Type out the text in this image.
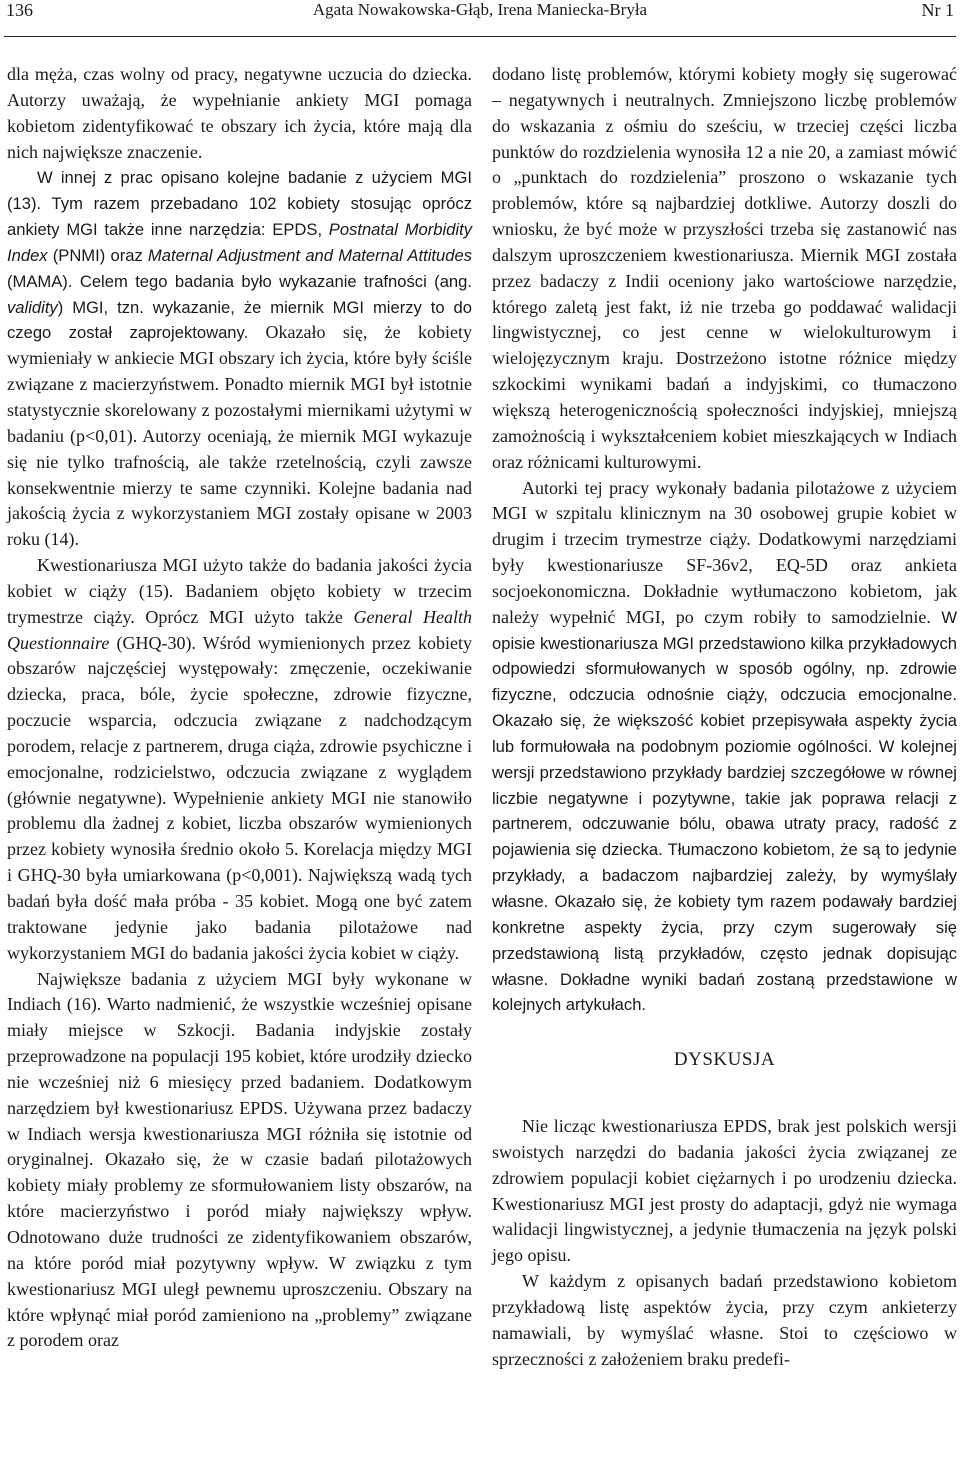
136	Agata Nowakowska-Głąb, Irena Maniecka-Bryła	Nr 1

dla męża, czas wolny od pracy, negatywne uczucia do dziecka. Autorzy uważają, że wypełnianie ankiety MGI pomaga kobietom zidentyfikować te obszary ich życia, które mają dla nich największe znaczenie.

W innej z prac opisano kolejne badanie z użyciem MGI (13). Tym razem przebadano 102 kobiety stosując oprócz ankiety MGI także inne narzędzia: EPDS, Postnatal Morbidity Index (PNMI) oraz Maternal Adjustment and Maternal Attitudes (MAMA). Celem tego badania było wykazanie trafności (ang. validity) MGI, tzn. wykazanie, że miernik MGI mierzy to do czego został zaprojektowany. Okazało się, że kobiety wymieniały w ankiecie MGI obszary ich życia, które były ściśle związane z macierzyństwem. Ponadto miernik MGI był istotnie statystycznie skorelowany z pozostałymi miernikami użytymi w badaniu (p<0,01). Autorzy oceniają, że miernik MGI wykazuje się nie tylko trafnością, ale także rzetelnością, czyli zawsze konsekwentnie mierzy te same czynniki. Kolejne badania nad jakością życia z wykorzystaniem MGI zostały opisane w 2003 roku (14).

Kwestionariusza MGI użyto także do badania jakości życia kobiet w ciąży (15). Badaniem objęto kobiety w trzecim trymestrze ciąży. Oprócz MGI użyto także General Health Questionnaire (GHQ-30). Wśród wymienionych przez kobiety obszarów najczęściej występowały: zmęczenie, oczekiwanie dziecka, praca, bóle, życie społeczne, zdrowie fizyczne, poczucie wsparcia, odczucia związane z nadchodzącym porodem, relacje z partnerem, druga ciąża, zdrowie psychiczne i emocjonalne, rodzicielstwo, odczucia związane z wyglądem (głównie negatywne). Wypełnienie ankiety MGI nie stanowiło problemu dla żadnej z kobiet, liczba obszarów wymienionych przez kobiety wynosiła średnio około 5. Korelacja między MGI i GHQ-30 była umiarkowana (p<0,001). Największą wadą tych badań była dość mała próba - 35 kobiet. Mogą one być zatem traktowane jedynie jako badania pilotażowe nad wykorzystaniem MGI do badania jakości życia kobiet w ciąży.

Największe badania z użyciem MGI były wykonane w Indiach (16). Warto nadmienić, że wszystkie wcześniej opisane miały miejsce w Szkocji. Badania indyjskie zostały przeprowadzone na populacji 195 kobiet, które urodziły dziecko nie wcześniej niż 6 miesięcy przed badaniem. Dodatkowym narzędziem był kwestionariusz EPDS. Używana przez badaczy w Indiach wersja kwestionariusza MGI różniła się istotnie od oryginalnej. Okazało się, że w czasie badań pilotażowych kobiety miały problemy ze sformułowaniem listy obszarów, na które macierzyństwo i poród miały największy wpływ. Odnotowano duże trudności ze zidentyfikowaniem obszarów, na które poród miał pozytywny wpływ. W związku z tym kwestionariusz MGI uległ pewnemu uproszczeniu. Obszary na które wpłynąć miał poród zamieniono na „problemy” związane z porodem oraz

dodano listę problemów, którymi kobiety mogły się sugerować – negatywnych i neutralnych. Zmniejszono liczbę problemów do wskazania z ośmiu do sześciu, w trzeciej części liczba punktów do rozdzielenia wynosiła 12 a nie 20, a zamiast mówić o „punktach do rozdzielenia” proszono o wskazanie tych problemów, które są najbardziej dotkliwe. Autorzy doszli do wniosku, że być może w przyszłości trzeba się zastanowić nas dalszym uproszczeniem kwestionariusza. Miernik MGI została przez badaczy z Indii oceniony jako wartościowe narzędzie, którego zaletą jest fakt, iż nie trzeba go poddawać walidacji lingwistycznej, co jest cenne w wielokulturowym i wielojęzycznym kraju. Dostrzeżono istotne różnice między szkockimi wynikami badań a indyjskimi, co tłumaczono większą heterogenicznością społeczności indyjskiej, mniejszą zamożnością i wykształceniem kobiet mieszkających w Indiach oraz różnicami kulturowymi.

Autorki tej pracy wykonały badania pilotażowe z użyciem MGI w szpitalu klinicznym na 30 osobowej grupie kobiet w drugim i trzecim trymestrze ciąży. Dodatkowymi narzędziami były kwestionariusze SF-36v2, EQ-5D oraz ankieta socjoekonomiczna. Dokładnie wytłumaczono kobietom, jak należy wypełnić MGI, po czym robiły to samodzielnie. W opisie kwestionariusza MGI przedstawiono kilka przykładowych odpowiedzi sformułowanych w sposób ogólny, np. zdrowie fizyczne, odczucia odnośnie ciąży, odczucia emocjonalne. Okazało się, że większość kobiet przepisywała aspekty życia lub formułowała na podobnym poziomie ogólności. W kolejnej wersji przedstawiono przykłady bardziej szczegółowe w równej liczbie negatywne i pozytywne, takie jak poprawa relacji z partnerem, odczuwanie bólu, obawa utraty pracy, radość z pojawienia się dziecka. Tłumaczono kobietom, że są to jedynie przykłady, a badaczom najbardziej zależy, by wymyślały własne. Okazało się, że kobiety tym razem podawały bardziej konkretne aspekty życia, przy czym sugerowały się przedstawioną listą przykładów, często jednak dopisując własne. Dokładne wyniki badań zostaną przedstawione w kolejnych artykułach.

DYSKUSJA

Nie licząc kwestionariusza EPDS, brak jest polskich wersji swoistych narzędzi do badania jakości życia związanej ze zdrowiem populacji kobiet ciężarnych i po urodzeniu dziecka. Kwestionariusz MGI jest prosty do adaptacji, gdyż nie wymaga walidacji lingwistycznej, a jedynie tłumaczenia na język polski jego opisu.

W każdym z opisanych badań przedstawiono kobietom przykładową listę aspektów życia, przy czym ankieterzy namawiali, by wymyślać własne. Stoi to częściowo w sprzeczności z założeniem braku predefi-
